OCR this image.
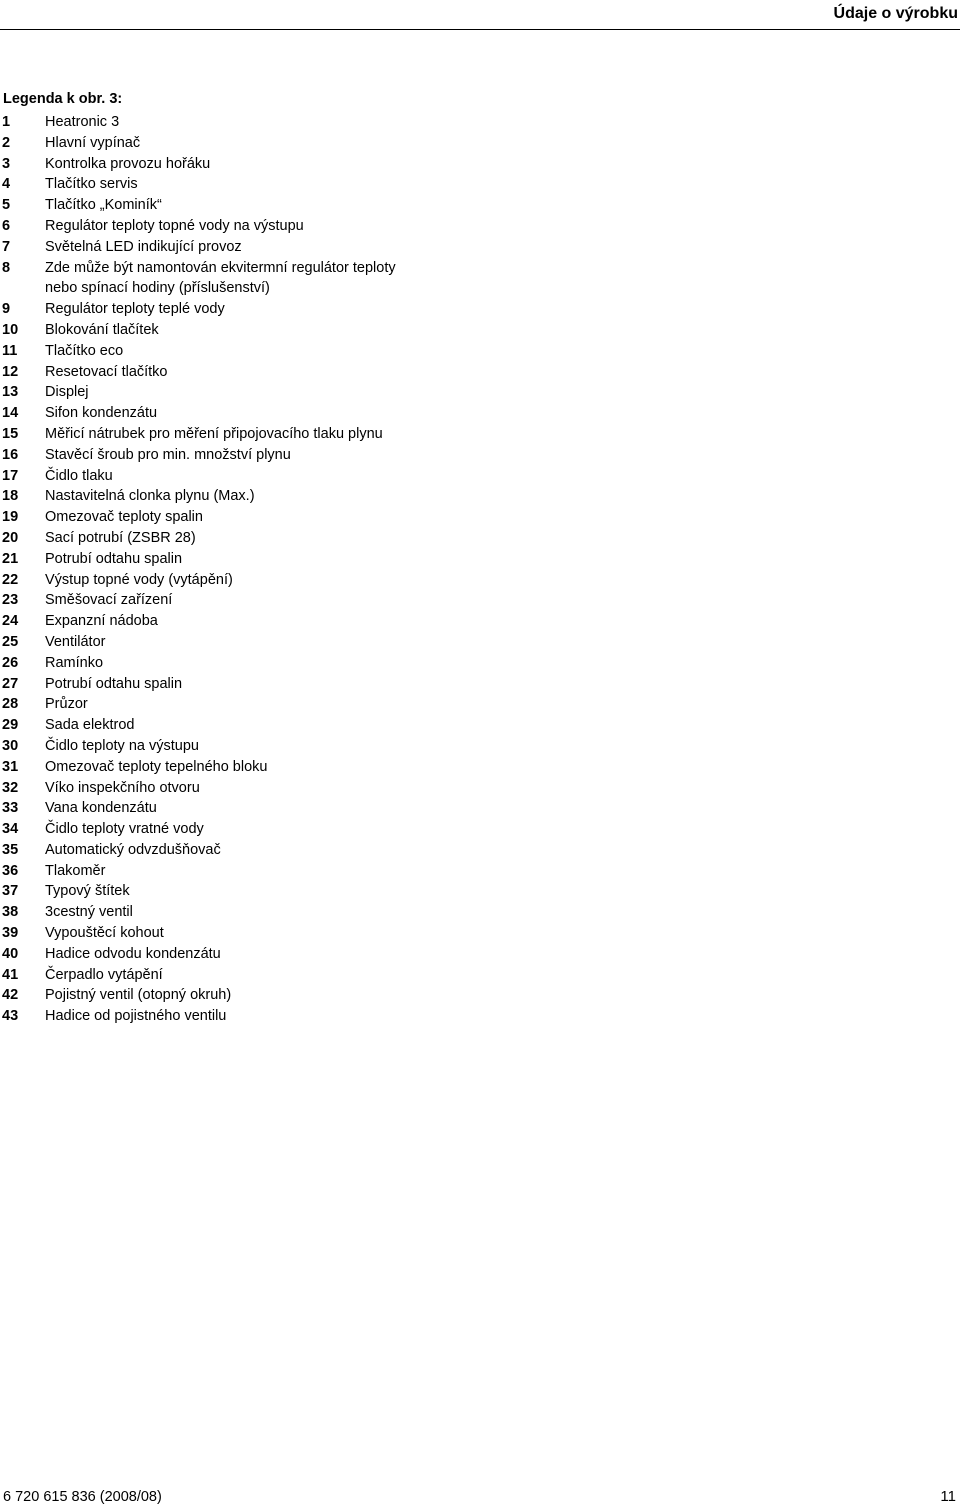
Údaje o výrobku
Legenda k obr. 3:
1 Heatronic 3
2 Hlavní vypínač
3 Kontrolka provozu hořáku
4 Tlačítko servis
5 Tlačítko „Kominík“
6 Regulátor teploty topné vody na výstupu
7 Světelná LED indikující provoz
8 Zde může být namontován ekvitermní regulátor teploty
nebo spínací hodiny (příslušenství)
9 Regulátor teploty teplé vody
10 Blokování tlačítek
11 Tlačítko eco
12 Resetovací tlačítko
13 Displej
14 Sifon kondenzátu
15 Měřicí nátrubek pro měření připojovacího tlaku plynu
16 Stavěcí šroub pro min. množství plynu
17 Čidlo tlaku
18 Nastavitelná clonka plynu (Max.)
19 Omezovač teploty spalin
20 Sací potrubí (ZSBR 28)
21 Potrubí odtahu spalin
22 Výstup topné vody (vytápění)
23 Směšovací zařízení
24 Expanzní nádoba
25 Ventilátor
26 Ramínko
27 Potrubí odtahu spalin
28 Průzor
29 Sada elektrod
30 Čidlo teploty na výstupu
31 Omezovač teploty tepelného bloku
32 Víko inspekčního otvoru
33 Vana kondenzátu
34 Čidlo teploty vratné vody
35 Automatický odvzdušňovač
36 Tlakoměr
37 Typový štítek
38 3cestný ventil
39 Vypouštěcí kohout
40 Hadice odvodu kondenzátu
41 Čerpadlo vytápění
42 Pojistný ventil (otopný okruh)
43 Hadice od pojistného ventilu
6 720 615 836 (2008/08)	11
